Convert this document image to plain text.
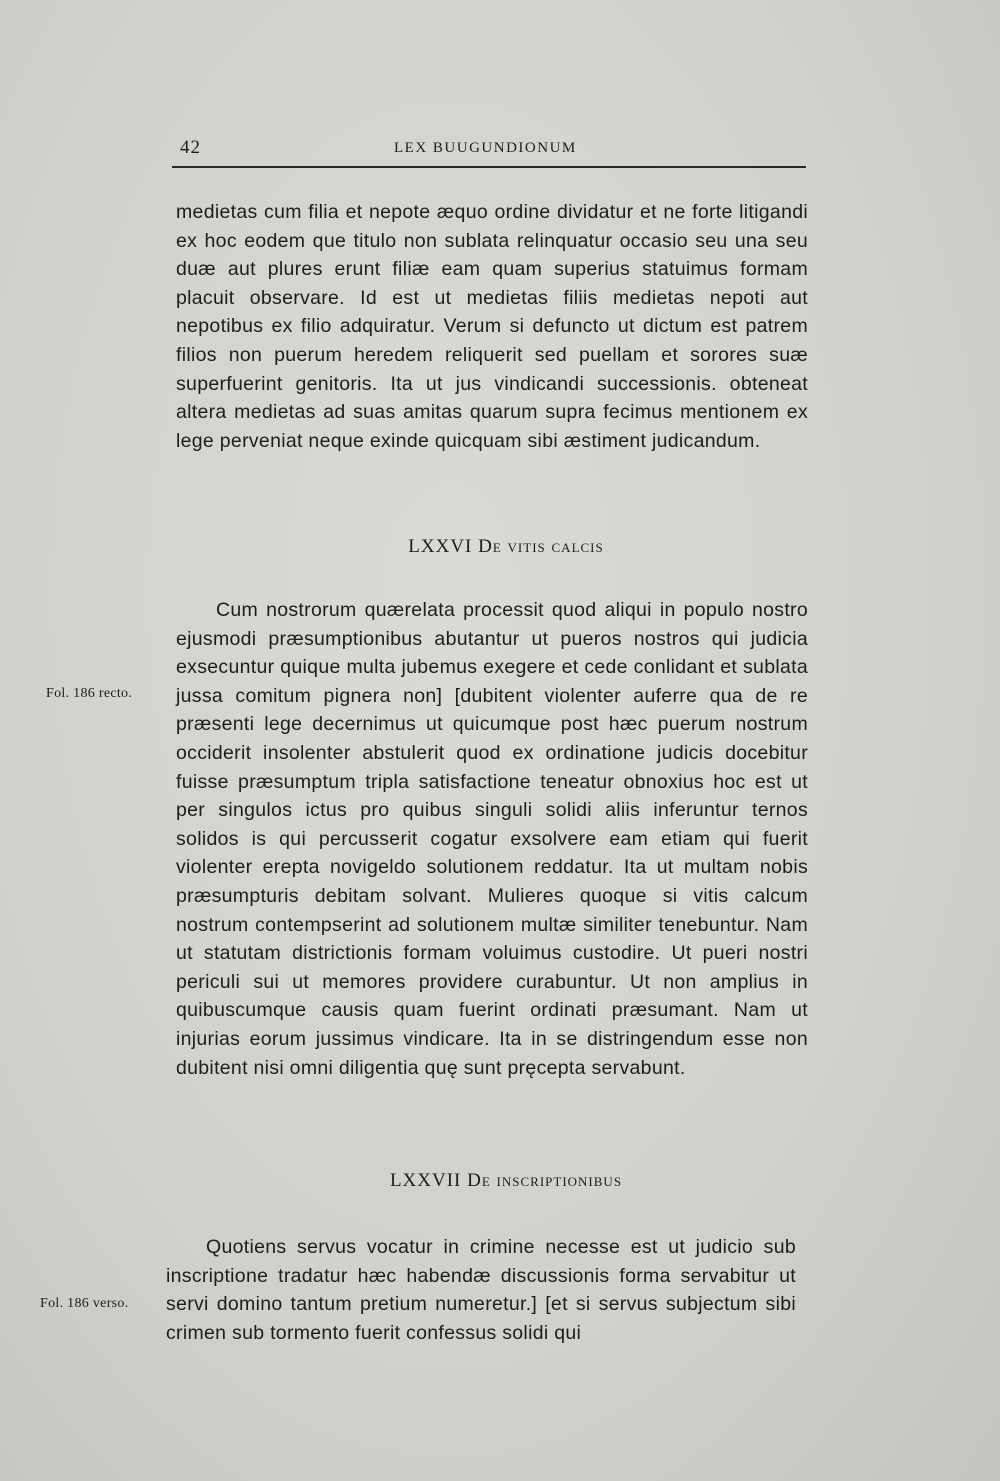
42	LEX BUUGUNDIONUM

medietas cum filia et nepote æquo ordine dividatur et ne forte litigandi ex hoc eodem que titulo non sublata relinquatur occasio seu una seu duæ aut plures erunt filiæ eam quam superius statuimus formam placuit observare. Id est ut medietas filiis medietas nepoti aut nepotibus ex filio adquiratur. Verum si defuncto ut dictum est patrem filios non puerum heredem reliquerit sed puellam et sorores suæ superfuerint genitoris. Ita ut jus vindicandi successionis. obteneat altera medietas ad suas amitas quarum supra fecimus mentionem ex lege perveniat neque exinde quicquam sibi æstiment judicandum.

LXXVI De vitis calcis

Cum nostrorum quærelata processit quod aliqui in populo nostro ejusmodi præsumptionibus abutantur ut pueros nostros qui judicia exsecuntur quique multa jubemus exegere et cede conlidant et sublata jussa comitum pignera non] [dubitent violenter auferre qua de re præsenti lege decernimus ut quicumque post hæc puerum nostrum occiderit insolenter abstulerit quod ex ordinatione judicis docebitur fuisse præsumptum tripla satisfactione teneatur obnoxius hoc est ut per singulos ictus pro quibus singuli solidi aliis inferuntur ternos solidos is qui percusserit cogatur exsolvere eam etiam qui fuerit violenter erepta novigeldo solutionem reddatur. Ita ut multam nobis præsumpturis debitam solvant. Mulieres quoque si vitis calcum nostrum contempserint ad solutionem multæ similiter tenebuntur. Nam ut statutam districtionis formam voluimus custodire. Ut pueri nostri periculi sui ut memores providere curabuntur. Ut non amplius in quibuscumque causis quam fuerint ordinati præsumant. Nam ut injurias eorum jussimus vindicare. Ita in se distringendum esse non dubitent nisi omni diligentia quę sunt pręcepta servabunt.

LXXVII De inscriptionibus

Quotiens servus vocatur in crimine necesse est ut judicio sub inscriptione tradatur hæc habendæ discussionis forma servabitur ut servi domino tantum pretium numeretur.] [et si servus subjectum sibi crimen sub tormento fuerit confessus solidi qui

Fol. 186 recto.
Fol. 186 verso.
